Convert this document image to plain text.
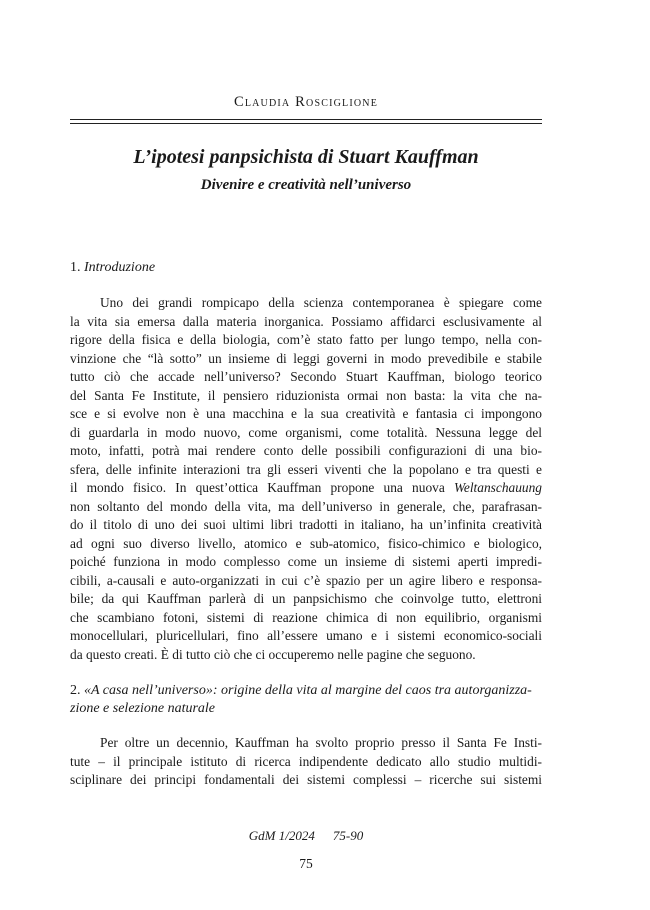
Claudia Rosciglione
L’ipotesi panpsichista di Stuart Kauffman
Divenire e creatività nell’universo
1. Introduzione
Uno dei grandi rompicapo della scienza contemporanea è spiegare come
la vita sia emersa dalla materia inorganica. Possiamo affidarci esclusivamente al
rigore della fisica e della biologia, com’è stato fatto per lungo tempo, nella con-
vinzione che “là sotto” un insieme di leggi governi in modo prevedibile e stabile
tutto ciò che accade nell’universo? Secondo Stuart Kauffman, biologo teorico
del Santa Fe Institute, il pensiero riduzionista ormai non basta: la vita che na-
sce e si evolve non è una macchina e la sua creatività e fantasia ci impongono
di guardarla in modo nuovo, come organismi, come totalità. Nessuna legge del
moto, infatti, potrà mai rendere conto delle possibili configurazioni di una bio-
sfera, delle infinite interazioni tra gli esseri viventi che la popolano e tra questi e
il mondo fisico. In quest’ottica Kauffman propone una nuova Weltanschauung
non soltanto del mondo della vita, ma dell’universo in generale, che, parafrasan-
do il titolo di uno dei suoi ultimi libri tradotti in italiano, ha un’infinita creatività
ad ogni suo diverso livello, atomico e sub-atomico, fisico-chimico e biologico,
poiché funziona in modo complesso come un insieme di sistemi aperti impredi-
cibili, a-causali e auto-organizzati in cui c’è spazio per un agire libero e responsa-
bile; da qui Kauffman parlerà di un panpsichismo che coinvolge tutto, elettroni
che scambiano fotoni, sistemi di reazione chimica di non equilibrio, organismi
monocellulari, pluricellulari, fino all’essere umano e i sistemi economico-sociali
da questo creati. È di tutto ciò che ci occuperemo nelle pagine che seguono.
2. «A casa nell’universo»: origine della vita al margine del caos tra autorganizza-
zione e selezione naturale
Per oltre un decennio, Kauffman ha svolto proprio presso il Santa Fe Insti-
tute – il principale istituto di ricerca indipendente dedicato allo studio multidi-
sciplinare dei principi fondamentali dei sistemi complessi – ricerche sui sistemi
GdM 1/2024 75-90
75
